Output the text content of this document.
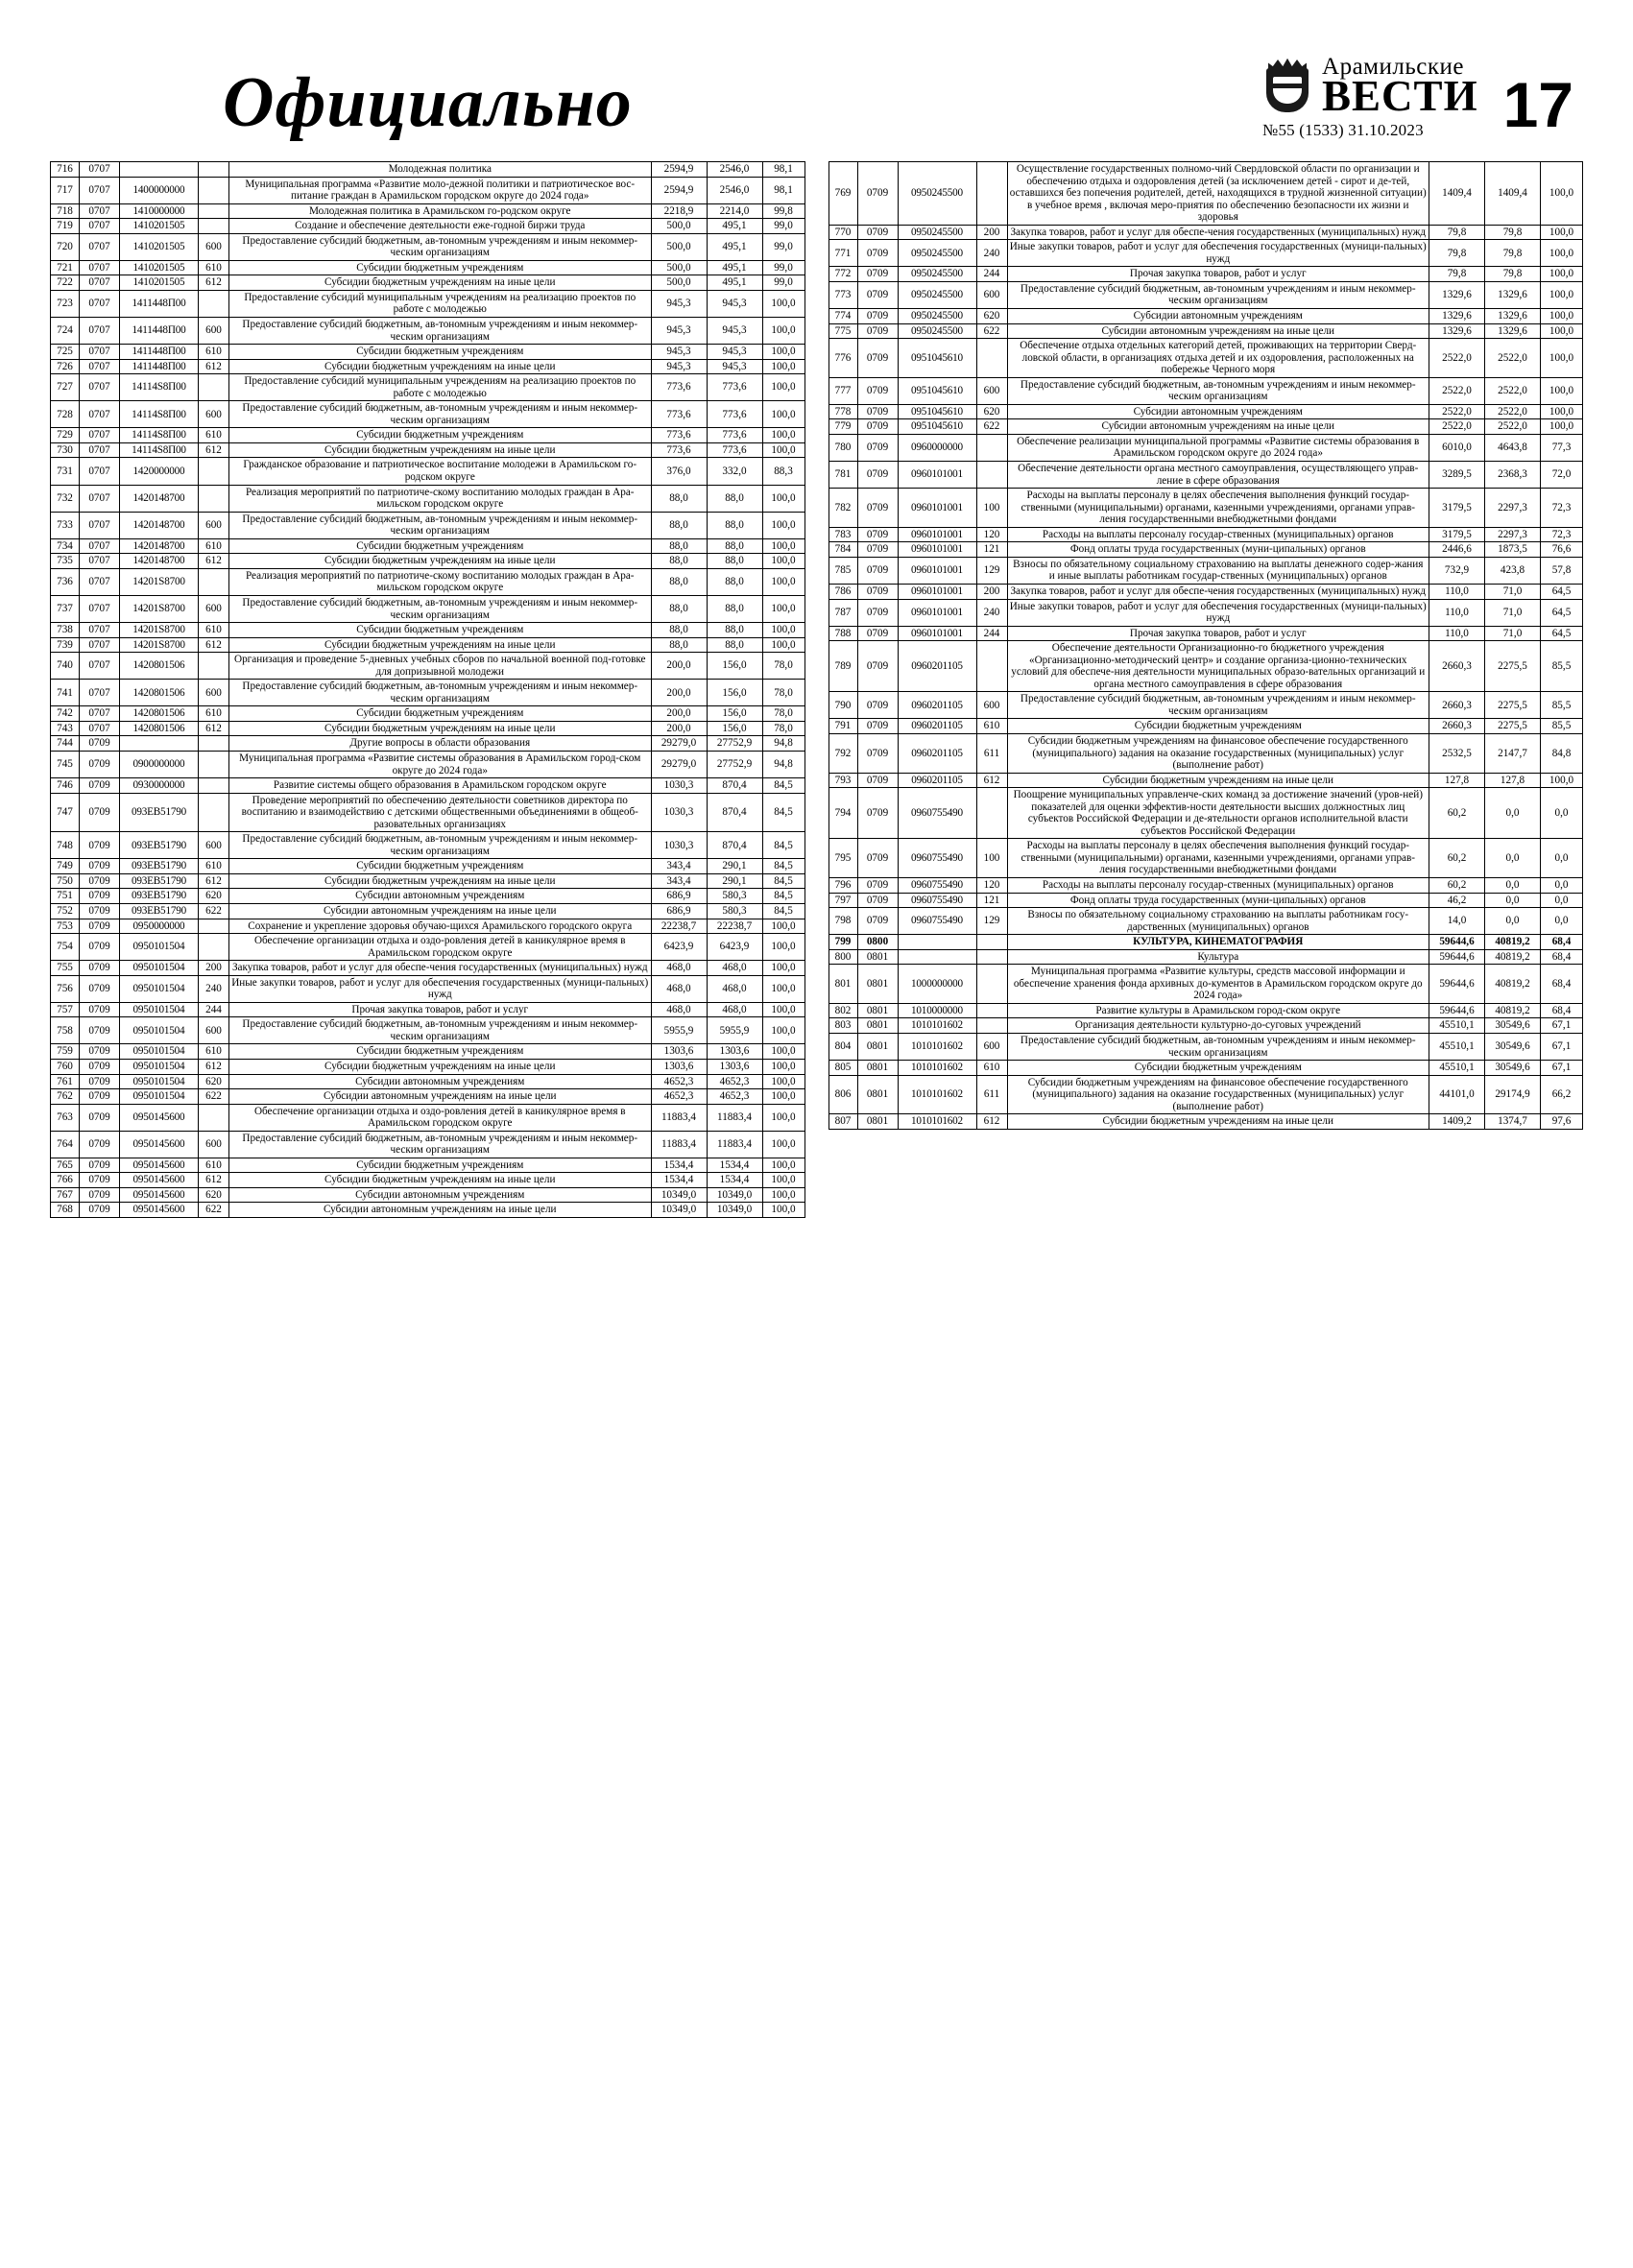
Официально	Арамильские
ВЕСТИ
№55 (1533) 31.10.2023 17
716	0707			Молодежная политика	2594,9	2546,0	98,1
717	0707	1400000000		Муниципальная программа «Развитие моло-дежной политики и патриотическое вос-питание граждан в Арамильском городском округе до 2024 года»	2594,9	2546,0	98,1
718	0707	1410000000		Молодежная политика в Арамильском го-родском округе	2218,9	2214,0	99,8
719	0707	1410201505		Создание и обеспечение деятельности еже-годной биржи труда	500,0	495,1	99,0
720	0707	1410201505	600	Предоставление субсидий бюджетным, ав-тономным учреждениям и иным некоммер-ческим организациям	500,0	495,1	99,0
721	0707	1410201505	610	Субсидии бюджетным учреждениям	500,0	495,1	99,0
722	0707	1410201505	612	Субсидии бюджетным учреждениям на иные цели	500,0	495,1	99,0
723	0707	1411448П00		Предоставление субсидий муниципальным учреждениям на реализацию проектов по работе с молодежью	945,3	945,3	100,0
724	0707	1411448П00	600	Предоставление субсидий бюджетным, ав-тономным учреждениям и иным некоммер-ческим организациям	945,3	945,3	100,0
725	0707	1411448П00	610	Субсидии бюджетным учреждениям	945,3	945,3	100,0
726	0707	1411448П00	612	Субсидии бюджетным учреждениям на иные цели	945,3	945,3	100,0
727	0707	14114S8П00		Предоставление субсидий муниципальным учреждениям на реализацию проектов по работе с молодежью	773,6	773,6	100,0
728	0707	14114S8П00	600	Предоставление субсидий бюджетным, ав-тономным учреждениям и иным некоммер-ческим организациям	773,6	773,6	100,0
729	0707	14114S8П00	610	Субсидии бюджетным учреждениям	773,6	773,6	100,0
730	0707	14114S8П00	612	Субсидии бюджетным учреждениям на иные цели	773,6	773,6	100,0
731	0707	1420000000		Гражданское образование и патриотическое воспитание молодежи в Арамильском го-родском округе	376,0	332,0	88,3
732	0707	1420148700		Реализация мероприятий по патриотиче-скому воспитанию молодых граждан в Ара-мильском городском округе	88,0	88,0	100,0
733	0707	1420148700	600	Предоставление субсидий бюджетным, ав-тономным учреждениям и иным некоммер-ческим организациям	88,0	88,0	100,0
734	0707	1420148700	610	Субсидии бюджетным учреждениям	88,0	88,0	100,0
735	0707	1420148700	612	Субсидии бюджетным учреждениям на иные цели	88,0	88,0	100,0
736	0707	14201S8700		Реализация мероприятий по патриотиче-скому воспитанию молодых граждан в Ара-мильском городском округе	88,0	88,0	100,0
737	0707	14201S8700	600	Предоставление субсидий бюджетным, ав-тономным учреждениям и иным некоммер-ческим организациям	88,0	88,0	100,0
738	0707	14201S8700	610	Субсидии бюджетным учреждениям	88,0	88,0	100,0
739	0707	14201S8700	612	Субсидии бюджетным учреждениям на иные цели	88,0	88,0	100,0
740	0707	1420801506		Организация и проведение 5-дневных учебных сборов по начальной военной под-готовке для допризывной молодежи	200,0	156,0	78,0
741	0707	1420801506	600	Предоставление субсидий бюджетным, ав-тономным учреждениям и иным некоммер-ческим организациям	200,0	156,0	78,0
742	0707	1420801506	610	Субсидии бюджетным учреждениям	200,0	156,0	78,0
743	0707	1420801506	612	Субсидии бюджетным учреждениям на иные цели	200,0	156,0	78,0
744	0709			Другие вопросы в области образования	29279,0	27752,9	94,8
745	0709	0900000000		Муниципальная программа «Развитие системы образования в Арамильском город-ском округе до 2024 года»	29279,0	27752,9	94,8
746	0709	0930000000		Развитие системы общего образования в Арамильском городском округе	1030,3	870,4	84,5
747	0709	093ЕВ51790		Проведение мероприятий по обеспечению деятельности советников директора по воспитанию и взаимодействию с детскими общественными объединениями в общеоб-разовательных организациях	1030,3	870,4	84,5
748	0709	093ЕВ51790	600	Предоставление субсидий бюджетным, ав-тономным учреждениям и иным некоммер-ческим организациям	1030,3	870,4	84,5
749	0709	093ЕВ51790	610	Субсидии бюджетным учреждениям	343,4	290,1	84,5
750	0709	093ЕВ51790	612	Субсидии бюджетным учреждениям на иные цели	343,4	290,1	84,5
751	0709	093ЕВ51790	620	Субсидии автономным учреждениям	686,9	580,3	84,5
752	0709	093ЕВ51790	622	Субсидии автономным учреждениям на иные цели	686,9	580,3	84,5
753	0709	0950000000		Сохранение и укрепление здоровья обучаю-щихся Арамильского городского округа	22238,7	22238,7	100,0
754	0709	0950101504		Обеспечение организации отдыха и оздо-ровления детей в каникулярное время в Арамильском городском округе	6423,9	6423,9	100,0
755	0709	0950101504	200	Закупка товаров, работ и услуг для обеспе-чения государственных (муниципальных) нужд	468,0	468,0	100,0
756	0709	0950101504	240	Иные закупки товаров, работ и услуг для обеспечения государственных (муници-пальных) нужд	468,0	468,0	100,0
757	0709	0950101504	244	Прочая закупка товаров, работ и услуг	468,0	468,0	100,0
758	0709	0950101504	600	Предоставление субсидий бюджетным, ав-тономным учреждениям и иным некоммер-ческим организациям	5955,9	5955,9	100,0
759	0709	0950101504	610	Субсидии бюджетным учреждениям	1303,6	1303,6	100,0
760	0709	0950101504	612	Субсидии бюджетным учреждениям на иные цели	1303,6	1303,6	100,0
761	0709	0950101504	620	Субсидии автономным учреждениям	4652,3	4652,3	100,0
762	0709	0950101504	622	Субсидии автономным учреждениям на иные цели	4652,3	4652,3	100,0
763	0709	0950145600		Обеспечение организации отдыха и оздо-ровления детей в каникулярное время в Арамильском городском округе	11883,4	11883,4	100,0
764	0709	0950145600	600	Предоставление субсидий бюджетным, ав-тономным учреждениям и иным некоммер-ческим организациям	11883,4	11883,4	100,0
765	0709	0950145600	610	Субсидии бюджетным учреждениям	1534,4	1534,4	100,0
766	0709	0950145600	612	Субсидии бюджетным учреждениям на иные цели	1534,4	1534,4	100,0
767	0709	0950145600	620	Субсидии автономным учреждениям	10349,0	10349,0	100,0
768	0709	0950145600	622	Субсидии автономным учреждениям на иные цели	10349,0	10349,0	100,0
769	0709	0950245500		Осуществление государственных полномо-чий Свердловской области по организации и обеспечению отдыха и оздоровления детей (за исключением детей - сирот и де-тей, оставшихся без попечения родителей, детей, находящихся в трудной жизненной ситуации) в учебное время , включая меро-приятия по обеспечению безопасности их жизни и здоровья	1409,4	1409,4	100,0
770	0709	0950245500	200	Закупка товаров, работ и услуг для обеспе-чения государственных (муниципальных) нужд	79,8	79,8	100,0
771	0709	0950245500	240	Иные закупки товаров, работ и услуг для обеспечения государственных (муници-пальных) нужд	79,8	79,8	100,0
772	0709	0950245500	244	Прочая закупка товаров, работ и услуг	79,8	79,8	100,0
773	0709	0950245500	600	Предоставление субсидий бюджетным, ав-тономным учреждениям и иным некоммер-ческим организациям	1329,6	1329,6	100,0
774	0709	0950245500	620	Субсидии автономным учреждениям	1329,6	1329,6	100,0
775	0709	0950245500	622	Субсидии автономным учреждениям на иные цели	1329,6	1329,6	100,0
776	0709	0951045610		Обеспечение отдыха отдельных категорий детей, проживающих на территории Сверд-ловской области, в организациях отдыха детей и их оздоровления, расположенных на побережье Черного моря	2522,0	2522,0	100,0
777	0709	0951045610	600	Предоставление субсидий бюджетным, ав-тономным учреждениям и иным некоммер-ческим организациям	2522,0	2522,0	100,0
778	0709	0951045610	620	Субсидии автономным учреждениям	2522,0	2522,0	100,0
779	0709	0951045610	622	Субсидии автономным учреждениям на иные цели	2522,0	2522,0	100,0
780	0709	0960000000		Обеспечение реализации муниципальной программы «Развитие системы образования в Арамильском городском округе до 2024 года»	6010,0	4643,8	77,3
781	0709	0960101001		Обеспечение деятельности органа местного самоуправления, осуществляющего управ-ление в сфере образования	3289,5	2368,3	72,0
782	0709	0960101001	100	Расходы на выплаты персоналу в целях обеспечения выполнения функций государ-ственными (муниципальными) органами, казенными учреждениями, органами управ-ления государственными внебюджетными фондами	3179,5	2297,3	72,3
783	0709	0960101001	120	Расходы на выплаты персоналу государ-ственных (муниципальных) органов	3179,5	2297,3	72,3
784	0709	0960101001	121	Фонд оплаты труда государственных (муни-ципальных) органов	2446,6	1873,5	76,6
785	0709	0960101001	129	Взносы по обязательному социальному страхованию на выплаты денежного содер-жания и иные выплаты работникам государ-ственных (муниципальных) органов	732,9	423,8	57,8
786	0709	0960101001	200	Закупка товаров, работ и услуг для обеспе-чения государственных (муниципальных) нужд	110,0	71,0	64,5
787	0709	0960101001	240	Иные закупки товаров, работ и услуг для обеспечения государственных (муници-пальных) нужд	110,0	71,0	64,5
788	0709	0960101001	244	Прочая закупка товаров, работ и услуг	110,0	71,0	64,5
789	0709	0960201105		Обеспечение деятельности Организационно-го бюджетного учреждения «Организационно-методический центр» и создание организа-ционно-технических условий для обеспече-ния деятельности муниципальных образо-вательных организаций и органа местного самоуправления в сфере образования	2660,3	2275,5	85,5
790	0709	0960201105	600	Предоставление субсидий бюджетным, ав-тономным учреждениям и иным некоммер-ческим организациям	2660,3	2275,5	85,5
791	0709	0960201105	610	Субсидии бюджетным учреждениям	2660,3	2275,5	85,5
792	0709	0960201105	611	Субсидии бюджетным учреждениям на финансовое обеспечение государственного (муниципального) задания на оказание государственных (муниципальных) услуг (выполнение работ)	2532,5	2147,7	84,8
793	0709	0960201105	612	Субсидии бюджетным учреждениям на иные цели	127,8	127,8	100,0
794	0709	0960755490		Поощрение муниципальных управленче-ских команд за достижение значений (уров-ней) показателей для оценки эффектив-ности деятельности высших должностных лиц субъектов Российской Федерации и де-ятельности органов исполнительной власти субъектов Российской Федерации	60,2	0,0	0,0
795	0709	0960755490	100	Расходы на выплаты персоналу в целях обеспечения выполнения функций государ-ственными (муниципальными) органами, казенными учреждениями, органами управ-ления государственными внебюджетными фондами	60,2	0,0	0,0
796	0709	0960755490	120	Расходы на выплаты персоналу государ-ственных (муниципальных) органов	60,2	0,0	0,0
797	0709	0960755490	121	Фонд оплаты труда государственных (муни-ципальных) органов	46,2	0,0	0,0
798	0709	0960755490	129	Взносы по обязательному социальному страхованию на выплаты работникам госу-дарственных (муниципальных) органов	14,0	0,0	0,0
799	0800			КУЛЬТУРА, КИНЕМАТОГРАФИЯ	59644,6	40819,2	68,4
800	0801			Культура	59644,6	40819,2	68,4
801	0801	1000000000		Муниципальная программа «Развитие культуры, средств массовой информации и обеспечение хранения фонда архивных до-кументов в Арамильском городском округе до 2024 года»	59644,6	40819,2	68,4
802	0801	1010000000		Развитие культуры в Арамильском город-ском округе	59644,6	40819,2	68,4
803	0801	1010101602		Организация деятельности культурно-до-суговых учреждений	45510,1	30549,6	67,1
804	0801	1010101602	600	Предоставление субсидий бюджетным, ав-тономным учреждениям и иным некоммер-ческим организациям	45510,1	30549,6	67,1
805	0801	1010101602	610	Субсидии бюджетным учреждениям	45510,1	30549,6	67,1
806	0801	1010101602	611	Субсидии бюджетным учреждениям на финансовое обеспечение государственного (муниципального) задания на оказание государственных (муниципальных) услуг (выполнение работ)	44101,0	29174,9	66,2
807	0801	1010101602	612	Субсидии бюджетным учреждениям на иные цели	1409,2	1374,7	97,6
